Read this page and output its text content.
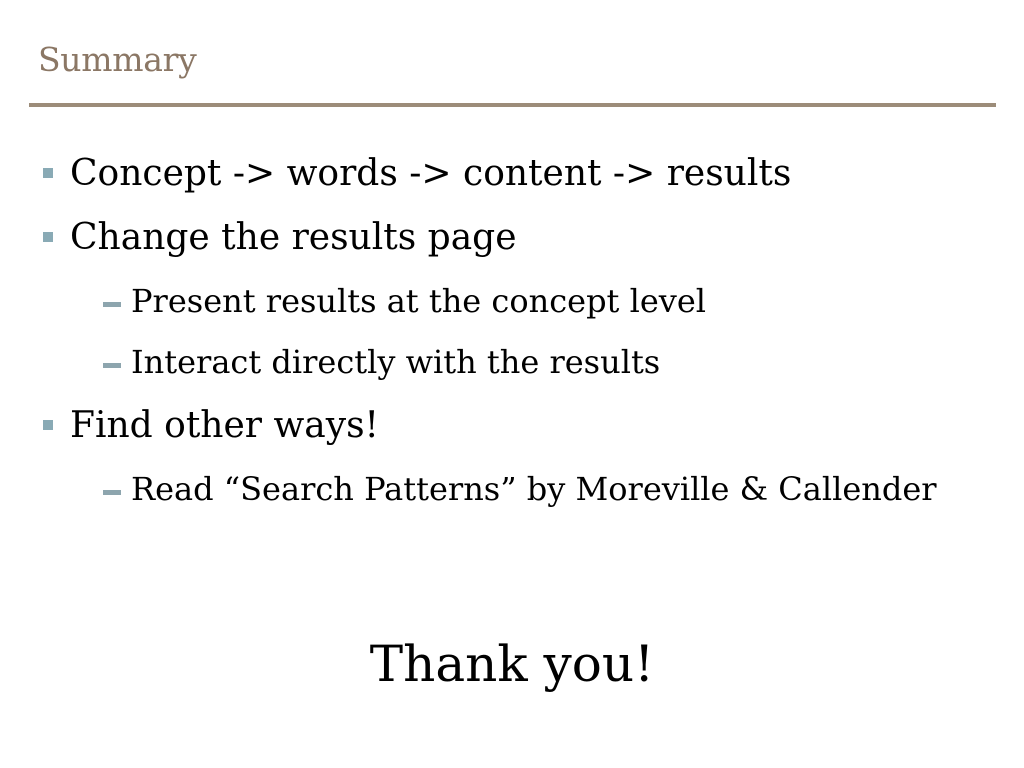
Summary
Concept -> words -> content -> results
Change the results page
Present results at the concept level
Interact directly with the results
Find other ways!
Read “Search Patterns” by Moreville & Callender
Thank you!
